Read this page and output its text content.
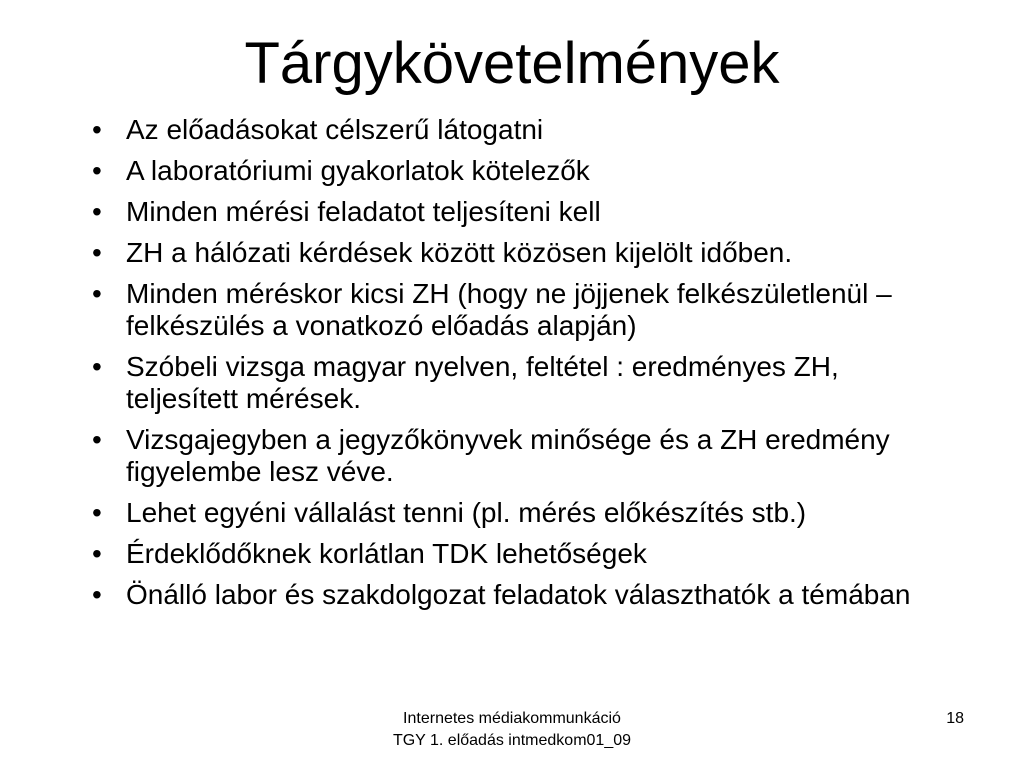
Tárgykövetelmények
• Az előadásokat célszerű látogatni
• A laboratóriumi gyakorlatok kötelezők
• Minden mérési feladatot teljesíteni kell
• ZH a hálózati kérdések között közösen kijelölt időben.
• Minden méréskor kicsi ZH (hogy ne jöjjenek felkészületlenül – felkészülés a vonatkozó előadás alapján)
• Szóbeli vizsga magyar nyelven, feltétel : eredményes ZH, teljesített mérések.
• Vizsgajegyben a jegyzőkönyvek minősége és a ZH eredmény figyelembe lesz véve.
• Lehet egyéni vállalást tenni (pl. mérés előkészítés stb.)
• Érdeklődőknek korlátlan TDK lehetőségek
• Önálló labor és szakdolgozat feladatok választhatók a témában
Internetes médiakommunkáció
TGY 1. előadás intmedkom01_09
18
